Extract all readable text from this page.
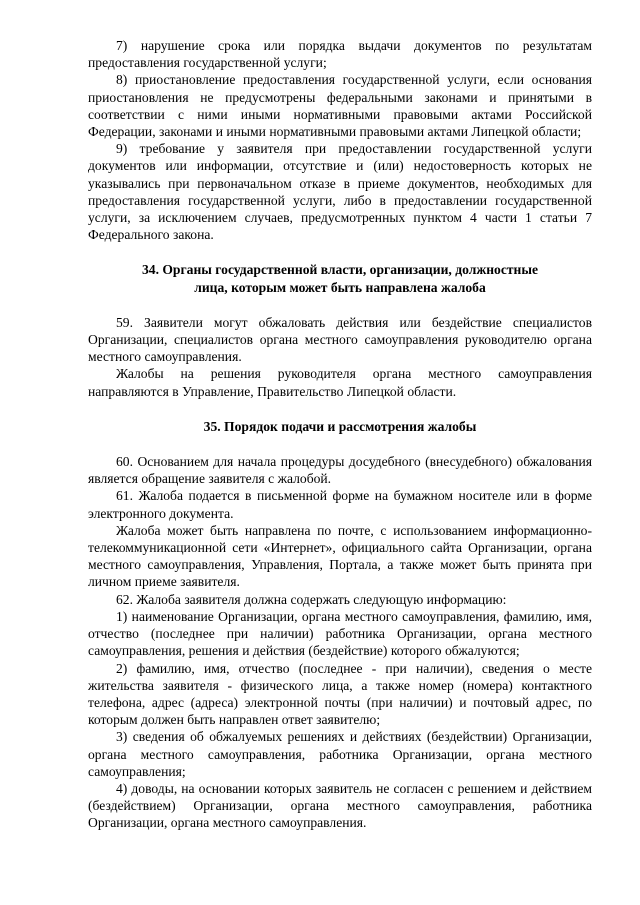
7) нарушение срока или порядка выдачи документов по результатам предоставления государственной услуги;

8) приостановление предоставления государственной услуги, если основания приостановления не предусмотрены федеральными законами и принятыми в соответствии с ними иными нормативными правовыми актами Российской Федерации, законами и иными нормативными правовыми актами Липецкой области;

9) требование у заявителя при предоставлении государственной услуги документов или информации, отсутствие и (или) недостоверность которых не указывались при первоначальном отказе в приеме документов, необходимых для предоставления государственной услуги, либо в предоставлении государственной услуги, за исключением случаев, предусмотренных пунктом 4 части 1 статьи 7 Федерального закона.

34. Органы государственной власти, организации, должностные

лица, которым может быть направлена жалоба

59. Заявители могут обжаловать действия или бездействие специалистов Организации, специалистов органа местного самоуправления руководителю органа местного самоуправления.

Жалобы на решения руководителя органа местного самоуправления направляются в Управление, Правительство Липецкой области.

35. Порядок подачи и рассмотрения жалобы

60. Основанием для начала процедуры досудебного (внесудебного) обжалования является обращение заявителя с жалобой.

61. Жалоба подается в письменной форме на бумажном носителе или в форме электронного документа.

Жалоба может быть направлена по почте, с использованием информационно-телекоммуникационной сети «Интернет», официального сайта Организации, органа местного самоуправления, Управления, Портала, а также может быть принята при личном приеме заявителя.

62. Жалоба заявителя должна содержать следующую информацию:

1) наименование Организации, органа местного самоуправления, фамилию, имя, отчество (последнее при наличии) работника Организации, органа местного самоуправления, решения и действия (бездействие) которого обжалуются;

2) фамилию, имя, отчество (последнее - при наличии), сведения о месте жительства заявителя - физического лица, а также номер (номера) контактного телефона, адрес (адреса) электронной почты (при наличии) и почтовый адрес, по которым должен быть направлен ответ заявителю;

3) сведения об обжалуемых решениях и действиях (бездействии) Организации, органа местного самоуправления, работника Организации, органа местного самоуправления;

4) доводы, на основании которых заявитель не согласен с решением и действием (бездействием) Организации, органа местного самоуправления, работника Организации, органа местного самоуправления.
